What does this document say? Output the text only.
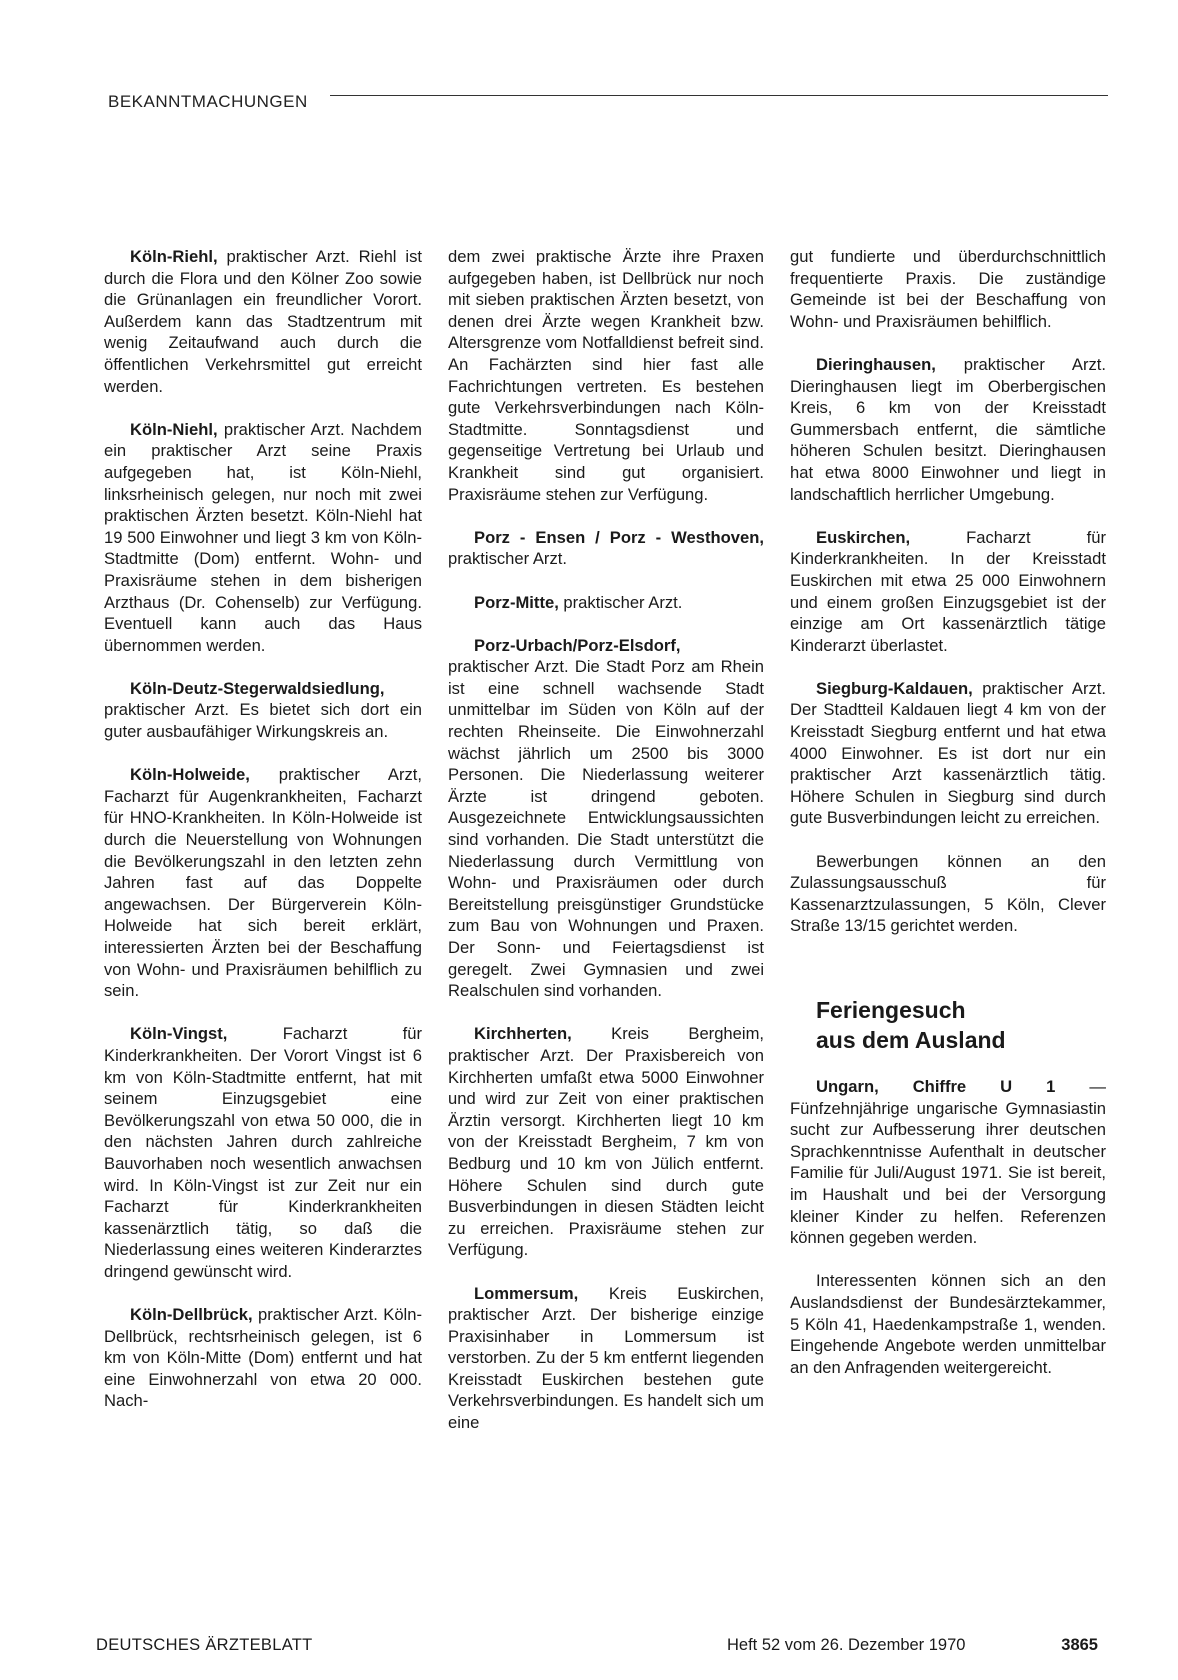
BEKANNTMACHUNGEN

Köln-Riehl, praktischer Arzt. Riehl ist durch die Flora und den Kölner Zoo sowie die Grünanlagen ein freundlicher Vorort. Außerdem kann das Stadtzentrum mit wenig Zeitaufwand auch durch die öffentlichen Verkehrsmittel gut erreicht werden.

Köln-Niehl, praktischer Arzt. Nachdem ein praktischer Arzt seine Praxis aufgegeben hat, ist Köln-Niehl, linksrheinisch gelegen, nur noch mit zwei praktischen Ärzten besetzt. Köln-Niehl hat 19 500 Einwohner und liegt 3 km von Köln-Stadtmitte (Dom) entfernt. Wohn- und Praxisräume stehen in dem bisherigen Arzthaus (Dr. Cohenselb) zur Verfügung. Eventuell kann auch das Haus übernommen werden.

Köln-Deutz-Stegerwaldsiedlung, praktischer Arzt. Es bietet sich dort ein guter ausbaufähiger Wirkungskreis an.

Köln-Holweide, praktischer Arzt, Facharzt für Augenkrankheiten, Facharzt für HNO-Krankheiten. In Köln-Holweide ist durch die Neuerstellung von Wohnungen die Bevölkerungszahl in den letzten zehn Jahren fast auf das Doppelte angewachsen. Der Bürgerverein Köln-Holweide hat sich bereit erklärt, interessierten Ärzten bei der Beschaffung von Wohn- und Praxisräumen behilflich zu sein.

Köln-Vingst, Facharzt für Kinderkrankheiten. Der Vorort Vingst ist 6 km von Köln-Stadtmitte entfernt, hat mit seinem Einzugsgebiet eine Bevölkerungszahl von etwa 50 000, die in den nächsten Jahren durch zahlreiche Bauvorhaben noch wesentlich anwachsen wird. In Köln-Vingst ist zur Zeit nur ein Facharzt für Kinderkrankheiten kassenärztlich tätig, so daß die Niederlassung eines weiteren Kinderarztes dringend gewünscht wird.

Köln-Dellbrück, praktischer Arzt. Köln-Dellbrück, rechtsrheinisch gelegen, ist 6 km von Köln-Mitte (Dom) entfernt und hat eine Einwohnerzahl von etwa 20 000. Nach-

dem zwei praktische Ärzte ihre Praxen aufgegeben haben, ist Dellbrück nur noch mit sieben praktischen Ärzten besetzt, von denen drei Ärzte wegen Krankheit bzw. Altersgrenze vom Notfalldienst befreit sind. An Fachärzten sind hier fast alle Fachrichtungen vertreten. Es bestehen gute Verkehrsverbindungen nach Köln-Stadtmitte. Sonntagsdienst und gegenseitige Vertretung bei Urlaub und Krankheit sind gut organisiert. Praxisräume stehen zur Verfügung.

Porz - Ensen / Porz - Westhoven, praktischer Arzt.

Porz-Mitte, praktischer Arzt.

Porz-Urbach/Porz-Elsdorf, praktischer Arzt. Die Stadt Porz am Rhein ist eine schnell wachsende Stadt unmittelbar im Süden von Köln auf der rechten Rheinseite. Die Einwohnerzahl wächst jährlich um 2500 bis 3000 Personen. Die Niederlassung weiterer Ärzte ist dringend geboten. Ausgezeichnete Entwicklungsaussichten sind vorhanden. Die Stadt unterstützt die Niederlassung durch Vermittlung von Wohn- und Praxisräumen oder durch Bereitstellung preisgünstiger Grundstücke zum Bau von Wohnungen und Praxen. Der Sonn- und Feiertagsdienst ist geregelt. Zwei Gymnasien und zwei Realschulen sind vorhanden.

Kirchherten, Kreis Bergheim, praktischer Arzt. Der Praxisbereich von Kirchherten umfaßt etwa 5000 Einwohner und wird zur Zeit von einer praktischen Ärztin versorgt. Kirchherten liegt 10 km von der Kreisstadt Bergheim, 7 km von Bedburg und 10 km von Jülich entfernt. Höhere Schulen sind durch gute Busverbindungen in diesen Städten leicht zu erreichen. Praxisräume stehen zur Verfügung.

Lommersum, Kreis Euskirchen, praktischer Arzt. Der bisherige einzige Praxisinhaber in Lommersum ist verstorben. Zu der 5 km entfernt liegenden Kreisstadt Euskirchen bestehen gute Verkehrsverbindungen. Es handelt sich um eine

gut fundierte und überdurchschnittlich frequentierte Praxis. Die zuständige Gemeinde ist bei der Beschaffung von Wohn- und Praxisräumen behilflich.

Dieringhausen, praktischer Arzt. Dieringhausen liegt im Oberbergischen Kreis, 6 km von der Kreisstadt Gummersbach entfernt, die sämtliche höheren Schulen besitzt. Dieringhausen hat etwa 8000 Einwohner und liegt in landschaftlich herrlicher Umgebung.

Euskirchen, Facharzt für Kinderkrankheiten. In der Kreisstadt Euskirchen mit etwa 25 000 Einwohnern und einem großen Einzugsgebiet ist der einzige am Ort kassenärztlich tätige Kinderarzt überlastet.

Siegburg-Kaldauen, praktischer Arzt. Der Stadtteil Kaldauen liegt 4 km von der Kreisstadt Siegburg entfernt und hat etwa 4000 Einwohner. Es ist dort nur ein praktischer Arzt kassenärztlich tätig. Höhere Schulen in Siegburg sind durch gute Busverbindungen leicht zu erreichen.

Bewerbungen können an den Zulassungsausschuß für Kassenarztzulassungen, 5 Köln, Clever Straße 13/15 gerichtet werden.

Feriengesuch
aus dem Ausland

Ungarn, Chiffre U 1 — Fünfzehnjährige ungarische Gymnasiastin sucht zur Aufbesserung ihrer deutschen Sprachkenntnisse Aufenthalt in deutscher Familie für Juli/August 1971. Sie ist bereit, im Haushalt und bei der Versorgung kleiner Kinder zu helfen. Referenzen können gegeben werden.

Interessenten können sich an den Auslandsdienst der Bundesärztekammer, 5 Köln 41, Haedenkampstraße 1, wenden. Eingehende Angebote werden unmittelbar an den Anfragenden weitergereicht.

DEUTSCHES ÄRZTEBLATT	Heft 52 vom 26. Dezember 1970	3865
